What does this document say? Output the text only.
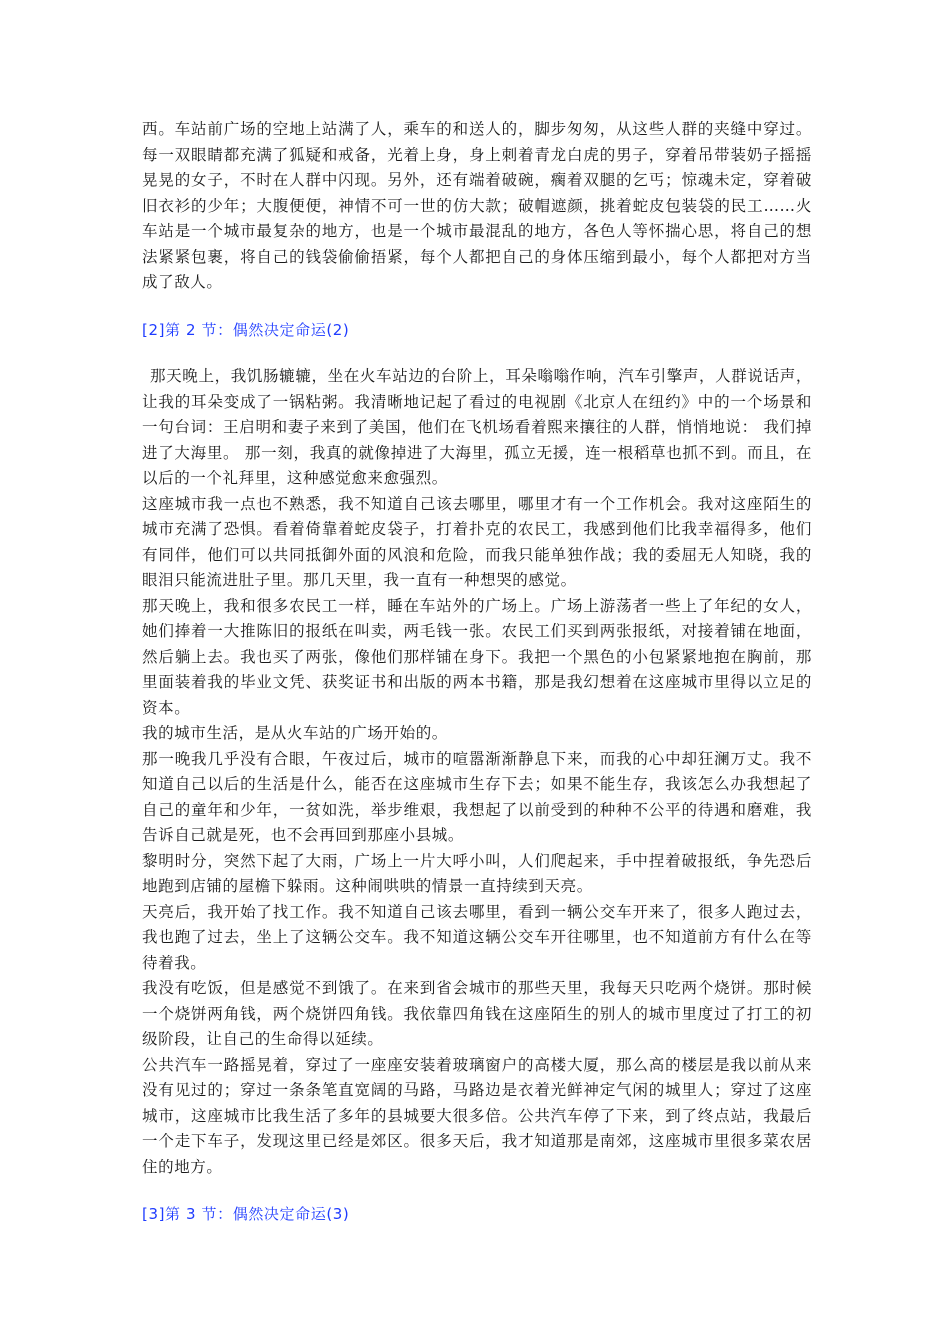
西。车站前广场的空地上站满了人，乘车的和送人的，脚步匆匆，从这些人群的夹缝中穿过。每一双眼睛都充满了狐疑和戒备，光着上身，身上刺着青龙白虎的男子，穿着吊带装奶子摇摇晃晃的女子，不时在人群中闪现。另外，还有端着破碗，瘸着双腿的乞丐；惊魂未定，穿着破旧衣衫的少年；大腹便便，神情不可一世的仿大款；破帽遮颜，挑着蛇皮包装袋的民工……火车站是一个城市最复杂的地方，也是一个城市最混乱的地方，各色人等怀揣心思，将自己的想法紧紧包裹，将自己的钱袋偷偷捂紧，每个人都把自己的身体压缩到最小，每个人都把对方当成了敌人。

[2]第 2 节：偶然决定命运(2)

那天晚上，我饥肠辘辘，坐在火车站边的台阶上，耳朵嗡嗡作响，汽车引擎声，人群说话声，让我的耳朵变成了一锅粘粥。我清晰地记起了看过的电视剧《北京人在纽约》中的一个场景和一句台词：王启明和妻子来到了美国，他们在飞机场看着熙来攘往的人群，悄悄地说： 我们掉进了大海里。 那一刻，我真的就像掉进了大海里，孤立无援，连一根稻草也抓不到。而且，在以后的一个礼拜里，这种感觉愈来愈强烈。

这座城市我一点也不熟悉，我不知道自己该去哪里，哪里才有一个工作机会。我对这座陌生的城市充满了恐惧。看着倚靠着蛇皮袋子，打着扑克的农民工，我感到他们比我幸福得多，他们有同伴，他们可以共同抵御外面的风浪和危险，而我只能单独作战；我的委屈无人知晓，我的眼泪只能流进肚子里。那几天里，我一直有一种想哭的感觉。

那天晚上，我和很多农民工一样，睡在车站外的广场上。广场上游荡者一些上了年纪的女人，她们捧着一大推陈旧的报纸在叫卖，两毛钱一张。农民工们买到两张报纸，对接着铺在地面，然后躺上去。我也买了两张，像他们那样铺在身下。我把一个黑色的小包紧紧地抱在胸前，那里面装着我的毕业文凭、获奖证书和出版的两本书籍，那是我幻想着在这座城市里得以立足的资本。

我的城市生活，是从火车站的广场开始的。

那一晚我几乎没有合眼，午夜过后，城市的喧嚣渐渐静息下来，而我的心中却狂澜万丈。我不知道自己以后的生活是什么，能否在这座城市生存下去；如果不能生存，我该怎么办我想起了自己的童年和少年，一贫如洗，举步维艰，我想起了以前受到的种种不公平的待遇和磨难，我告诉自己就是死，也不会再回到那座小县城。

黎明时分，突然下起了大雨，广场上一片大呼小叫，人们爬起来，手中捏着破报纸，争先恐后地跑到店铺的屋檐下躲雨。这种闹哄哄的情景一直持续到天亮。

天亮后，我开始了找工作。我不知道自己该去哪里，看到一辆公交车开来了，很多人跑过去，我也跑了过去，坐上了这辆公交车。我不知道这辆公交车开往哪里，也不知道前方有什么在等待着我。

我没有吃饭，但是感觉不到饿了。在来到省会城市的那些天里，我每天只吃两个烧饼。那时候一个烧饼两角钱，两个烧饼四角钱。我依靠四角钱在这座陌生的别人的城市里度过了打工的初级阶段，让自己的生命得以延续。

公共汽车一路摇晃着，穿过了一座座安装着玻璃窗户的高楼大厦，那么高的楼层是我以前从来没有见过的；穿过一条条笔直宽阔的马路，马路边是衣着光鲜神定气闲的城里人；穿过了这座城市，这座城市比我生活了多年的县城要大很多倍。公共汽车停了下来，到了终点站，我最后一个走下车子，发现这里已经是郊区。很多天后，我才知道那是南郊，这座城市里很多菜农居住的地方。

[3]第 3 节：偶然决定命运(3)
